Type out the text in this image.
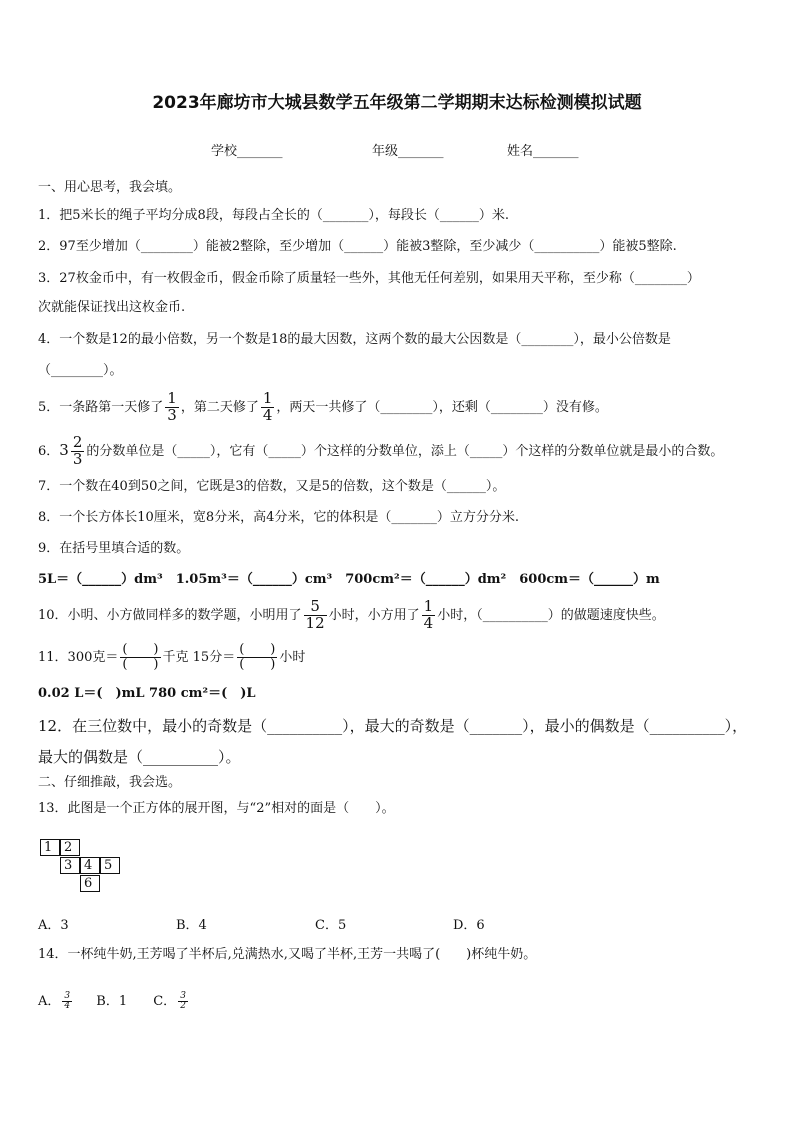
2023年廊坊市大城县数学五年级第二学期期末达标检测模拟试题
学校_______	年级_______	姓名_______
一、用心思考，我会填。
1．把5米长的绳子平均分成8段，每段占全长的（_______），每段长（______）米.
2．97至少增加（________）能被2整除，至少增加（______）能被3整除，至少减少（__________）能被5整除.
3．27枚金币中，有一枚假金币，假金币除了质量轻一些外，其他无任何差别，如果用天平称，至少称（________）
次就能保证找出这枚金币.
4．一个数是12的最小倍数，另一个数是18的最大因数，这两个数的最大公因数是（________），最小公倍数是
（________）。
5．一条路第一天修了 $\frac{1}{3}$ ，第二天修了 $\frac{1}{4}$ ，两天一共修了（________），还剩（________）没有修。
6．$3 \frac{2}{3}$ 的分数单位是（_____），它有（_____）个这样的分数单位，添上（_____）个这样的分数单位就是最小的合数。
7．一个数在40到50之间，它既是3的倍数，又是5的倍数，这个数是（______）。
8．一个长方体长10厘米，宽8分米，高4分米，它的体积是（_______）立方分分米.
9．在括号里填合适的数。
5L＝（______）dm³　1.05m³＝（______）cm³　700cm²＝（______）dm²　600cm＝（______）m
10．小明、小方做同样多的数学题，小明用了 $\frac{5}{12}$ 小时，小方用了 $\frac{1}{4}$ 小时，（__________）的做题速度快些。
11．300克＝ $\frac{( )}{( )}$ 千克 15分＝ $\frac{( )}{( )}$ 小时
0.02 L＝(　)mL 780 cm²＝(　)L
12．在三位数中，最小的奇数是（__________），最大的奇数是（_______），最小的偶数是（__________），
最大的偶数是（__________）。
二、仔细推敲，我会选。
13．此图是一个正方体的展开图，与“2”相对的面是（　　）。
1 2
3 4 5
6
A．3	B．4	C．5	D．6
14．一杯纯牛奶,王芳喝了半杯后,兑满热水,又喝了半杯,王芳一共喝了(　　)杯纯牛奶。
A． $\frac{3}{4}$ B．1 C． $\frac{3}{2}$
